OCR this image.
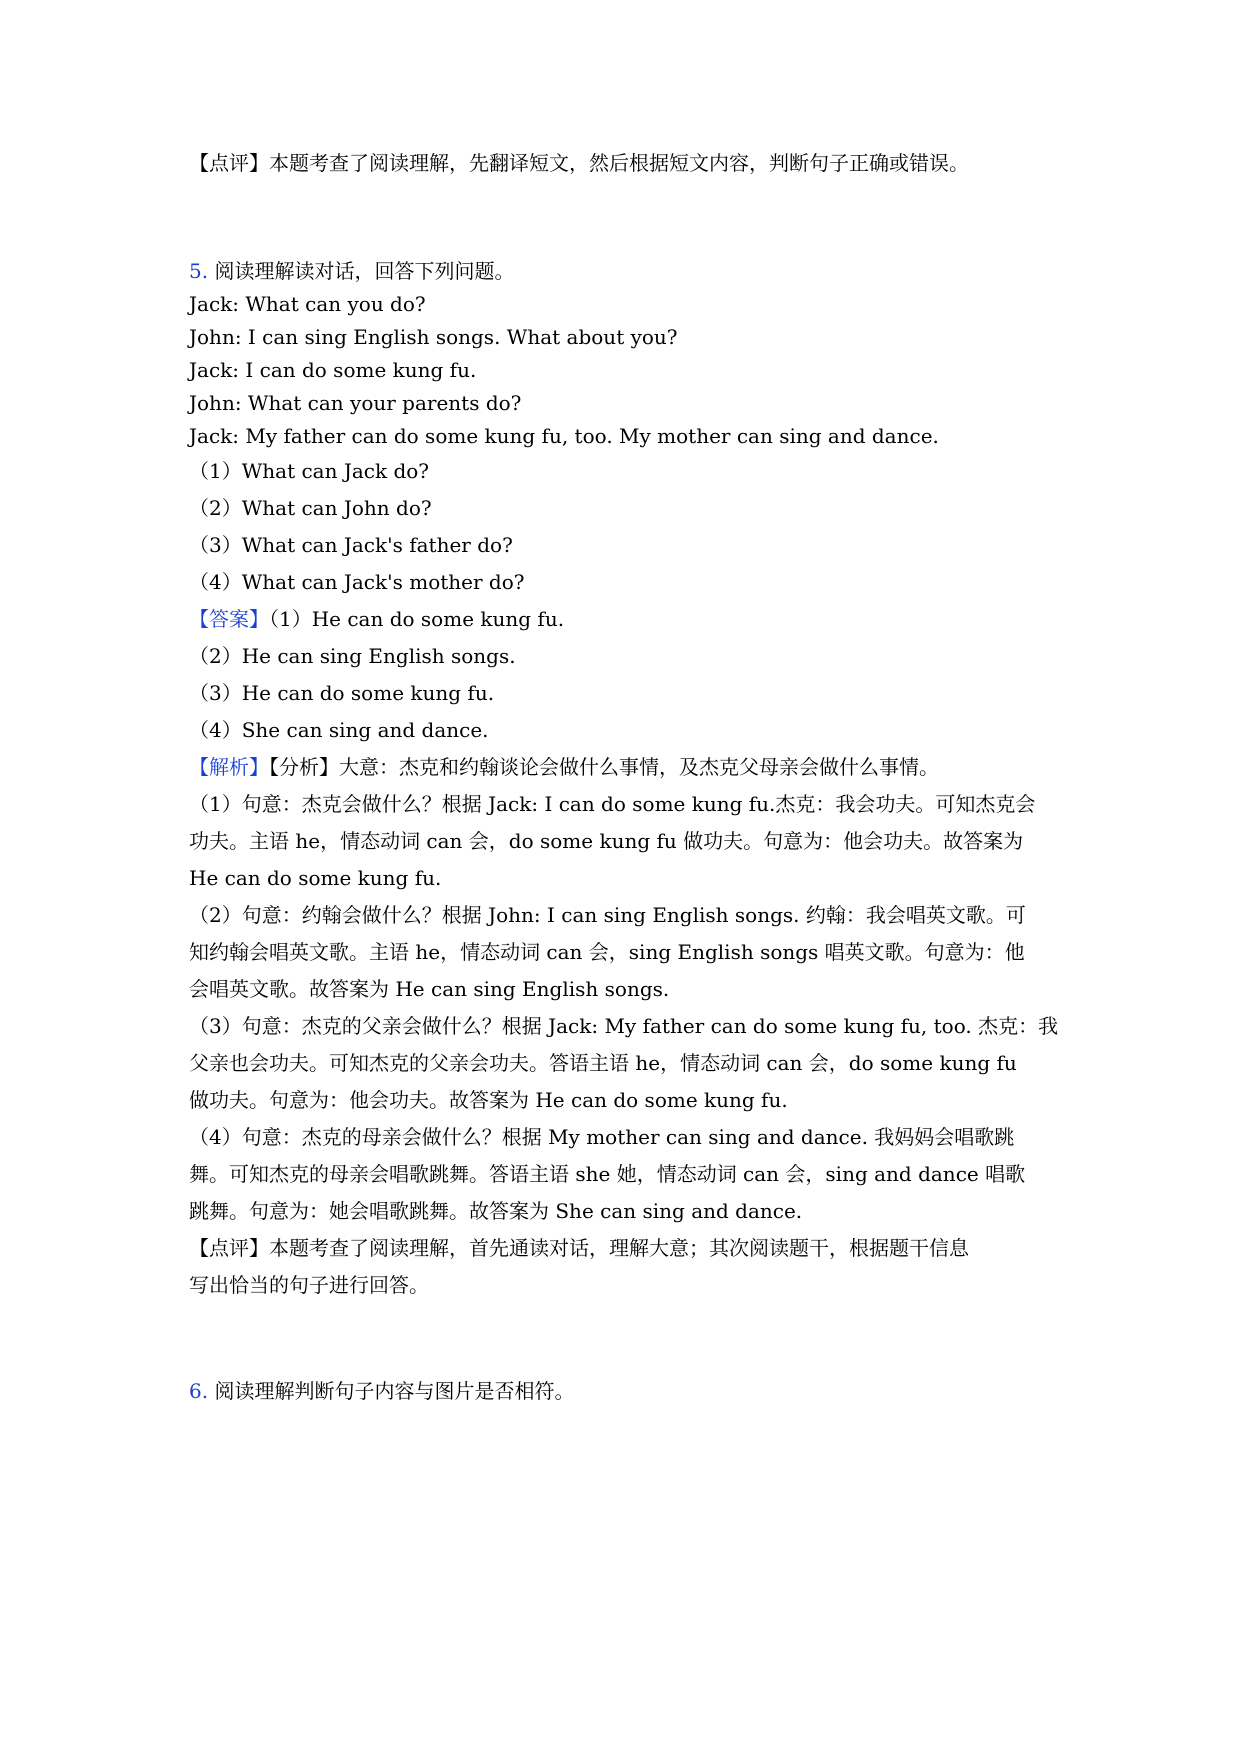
【点评】本题考查了阅读理解，先翻译短文，然后根据短文内容，判断句子正确或错误。
5. 阅读理解读对话，回答下列问题。
Jack: What can you do?
John: I can sing English songs. What about you?
Jack: I can do some kung fu.
John: What can your parents do?
Jack: My father can do some kung fu, too. My mother can sing and dance.
（1）What can Jack do?
（2）What can John do?
（3）What can Jack's father do?
（4）What can Jack's mother do?
【答案】（1）He can do some kung fu.
（2）He can sing English songs.
（3）He can do some kung fu.
（4）She can sing and dance.
【解析】【分析】大意：杰克和约翰谈论会做什么事情，及杰克父母亲会做什么事情。
（1）句意：杰克会做什么？根据 Jack: I can do some kung fu.杰克：我会功夫。可知杰克会
功夫。主语 he，情态动词 can 会，do some kung fu 做功夫。句意为：他会功夫。故答案为
He can do some kung fu.
（2）句意：约翰会做什么？根据 John: I can sing English songs. 约翰：我会唱英文歌。可
知约翰会唱英文歌。主语 he，情态动词 can 会，sing English songs 唱英文歌。句意为：他
会唱英文歌。故答案为 He can sing English songs.
（3）句意：杰克的父亲会做什么？根据 Jack: My father can do some kung fu, too. 杰克：我
父亲也会功夫。可知杰克的父亲会功夫。答语主语 he，情态动词 can 会，do some kung fu
做功夫。句意为：他会功夫。故答案为 He can do some kung fu.
（4）句意：杰克的母亲会做什么？根据 My mother can sing and dance. 我妈妈会唱歌跳
舞。可知杰克的母亲会唱歌跳舞。答语主语 she 她，情态动词 can 会，sing and dance 唱歌
跳舞。句意为：她会唱歌跳舞。故答案为 She can sing and dance.
【点评】本题考查了阅读理解，首先通读对话，理解大意；其次阅读题干，根据题干信息
写出恰当的句子进行回答。
6. 阅读理解判断句子内容与图片是否相符。
